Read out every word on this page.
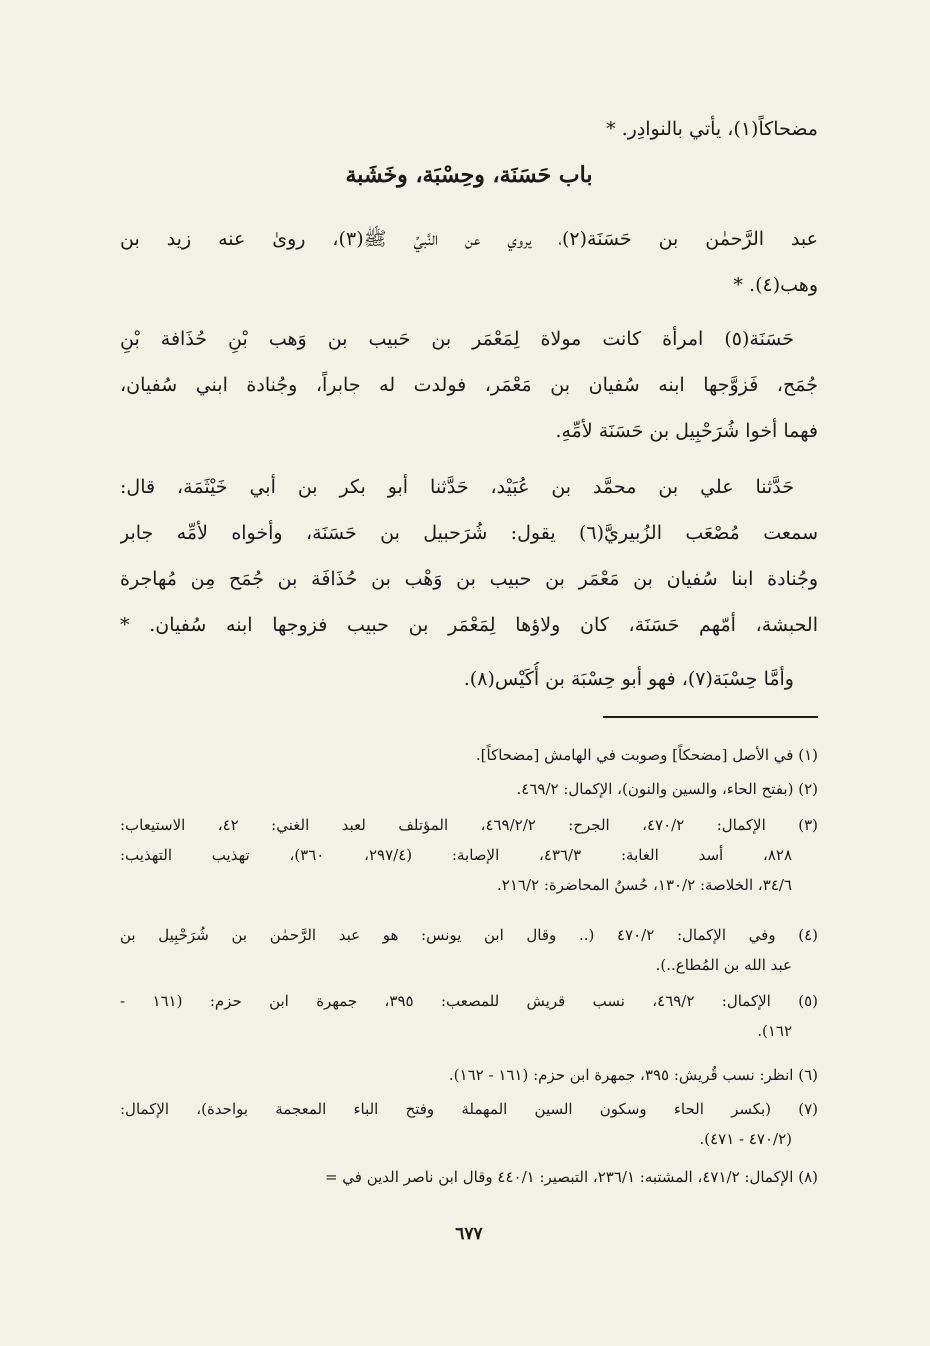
مضحاكاً(١)، يأتي بالنوادِر. *
باب حَسَنَة، وحِسْبَة، وخَشَبة
عبد الرَّحمٰن بن حَسَنَة(٢)، يروي عن النَّبيِّ ﷺ(٣)، روىٰ عنه زيد بن
وهب(٤). *
حَسَنَة(٥) امرأة كانت مولاة لِمَعْمَر بن حَبيب بن وَهب بْنِ حُذَافة بْنِ
جُمَح، فَزوَّجها ابنه سُفيان بن مَعْمَر، فولدت له جابراً، وجُنادة ابني سُفيان،
فهما أخوا شُرَحْبِيل بن حَسَنَة لأمِّهِ.
حَدَّثنا علي بن محمَّد بن عُبَيْد، حَدَّثنا أبو بكر بن أبي خَيْثَمَة، قال:
سمعت مُصْعَب الزُبيريَّ(٦) يقول: شُرَحبيل بن حَسَنَة، وأخواه لأمِّه جابر
وجُنادة ابنا سُفيان بن مَعْمَر بن حبيب بن وَهْب بن حُذَافَة بن جُمَح مِن مُهاجرة
الحبشة، أمّهم حَسَنَة، كان ولاؤها لِمَعْمَر بن حبيب فزوجها ابنه سُفيان. *
وأمَّا حِسْبَة(٧)، فهو أبو حِسْبَة بن أُكَيْس(٨).
(١) في الأصل [مضحكاً] وصوبت في الهامش [مضحاكاً].
(٢) (بفتح الحاء، والسين والنون)، الإكمال: ٤٦٩/٢.
(٣) الإكمال: ٤٧٠/٢، الجرح: ٤٦٩/٢/٢، المؤتلف لعبد الغني: ٤٢، الاستيعاب:
٨٢٨، أسد الغابة: ٤٣٦/٣، الإصابة: (٢٩٧/٤، ٣٦٠)، تهذيب التهذيب:
٣٤/٦، الخلاصة: ١٣٠/٢، حُسنُ المحاضرة: ٢١٦/٢.
(٤) وفي الإكمال: ٤٧٠/٢ (.. وقال ابن يونس: هو عبد الرَّحمٰن بن شُرَحْبِيل بن
عبد الله بن المُطاع..).
(٥) الإكمال: ٤٦٩/٢، نسب قريش للمصعب: ٣٩٥، جمهرة ابن حزم: (١٦١ -
١٦٢).
(٦) انظر: نسب قُريش: ٣٩٥، جمهرة ابن حزم: (١٦١ - ١٦٢).
(٧) (بكسر الحاء وسكون السين المهملة وفتح الباء المعجمة بواحدة)، الإكمال:
(٤٧٠/٢ - ٤٧١).
(٨) الإكمال: ٤٧١/٢، المشتبه: ٢٣٦/١، التبصير: ٤٤٠/١ وقال ابن ناصر الدين في =
٦٧٧
